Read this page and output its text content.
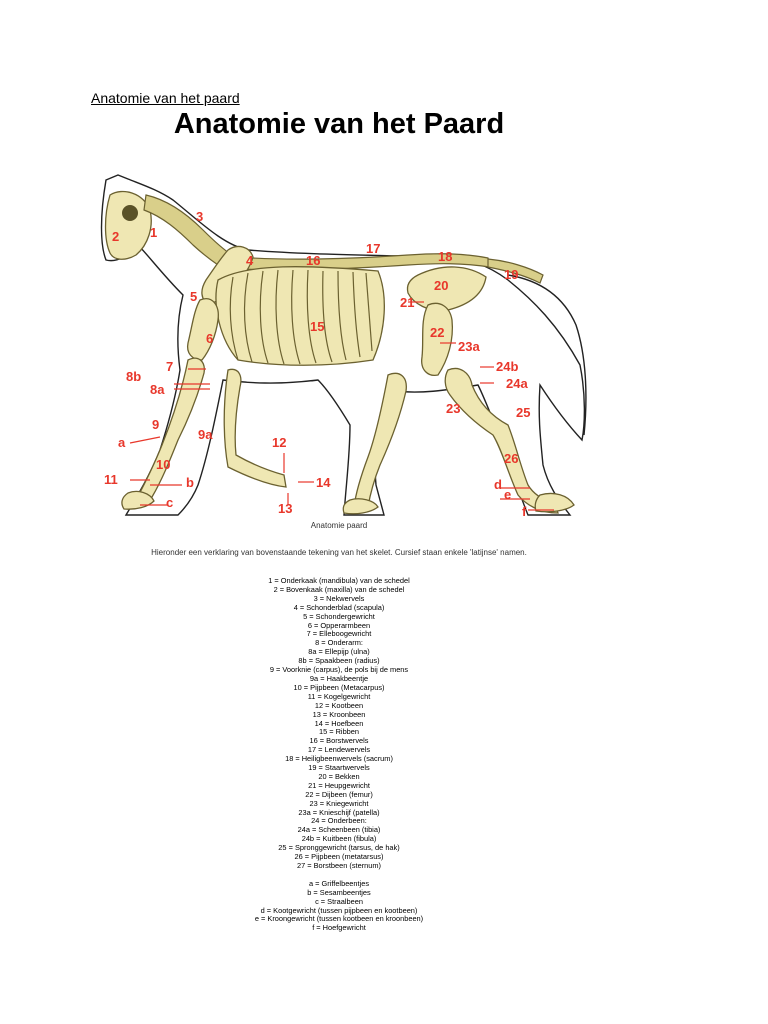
Anatomie van het paard
Anatomie van het Paard
1
2
3
4
5
6
7
8a
8b
9
9a
10
11
12
13
14
15
16
17
18
19
20
21
22
23
23a
24a
24b
25
26
a
b
c
d
e
f
Anatomie paard
Hieronder een verklaring van bovenstaande tekening van het skelet. Cursief staan enkele 'latijnse' namen.
1 = Onderkaak (mandibula) van de schedel
2 = Bovenkaak (maxilla) van de schedel
3 = Nekwervels
4 = Schonderblad (scapula)
5 = Schondergewricht
6 = Opperarmbeen
7 = Elleboogewricht
8 = Onderarm:
8a = Ellepijp (ulna)
8b = Spaakbeen (radius)
9 = Voorknie (carpus), de pols bij de mens
9a = Haakbeentje
10 = Pijpbeen (Metacarpus)
11 = Kogelgewricht
12 = Kootbeen
13 = Kroonbeen
14 = Hoefbeen
15 = Ribben
16 = Borstwervels
17 = Lendewervels
18 = Heiligbeenwervels (sacrum)
19 = Staartwervels
20 = Bekken
21 = Heupgewricht
22 = Dijbeen (femur)
23 = Kniegewricht
23a = Knieschijf (patella)
24 = Onderbeen:
24a = Scheenbeen (tibia)
24b = Kuitbeen (fibula)
25 = Spronggewricht (tarsus, de hak)
26 = Pijpbeen (metatarsus)
27 = Borstbeen (sternum)
a = Griffelbeentjes
b = Sesambeentjes
c = Straalbeen
d = Kootgewricht (tussen pijpbeen en kootbeen)
e = Kroongewricht (tussen kootbeen en kroonbeen)
f = Hoefgewricht
